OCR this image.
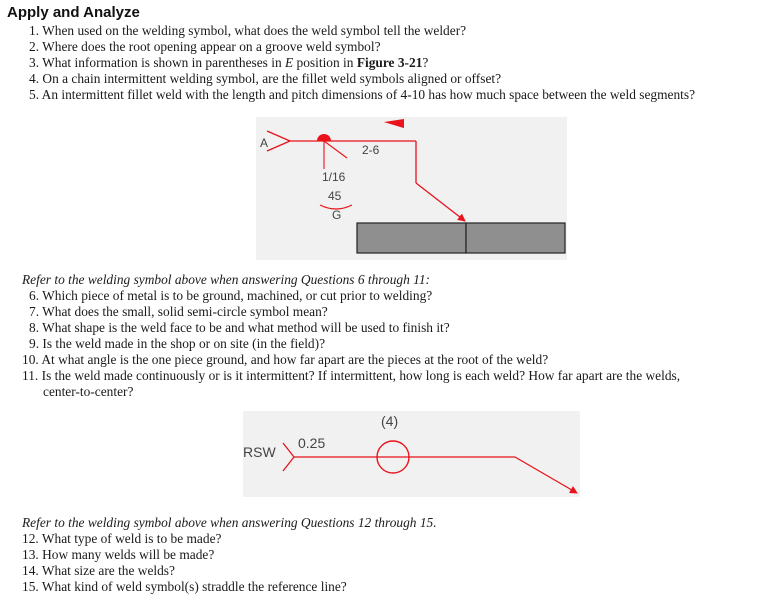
Apply and Analyze
1. When used on the welding symbol, what does the weld symbol tell the welder?
2. Where does the root opening appear on a groove weld symbol?
3. What information is shown in parentheses in E position in Figure 3-21?
4. On a chain intermittent welding symbol, are the fillet weld symbols aligned or offset?
5. An intermittent fillet weld with the length and pitch dimensions of 4-10 has how much space between the weld segments?
A	2-6
1/16
45
G
Refer to the welding symbol above when answering Questions 6 through 11:
6. Which piece of metal is to be ground, machined, or cut prior to welding?
7. What does the small, solid semi-circle symbol mean?
8. What shape is the weld face to be and what method will be used to finish it?
9. Is the weld made in the shop or on site (in the field)?
10. At what angle is the one piece ground, and how far apart are the pieces at the root of the weld?
11. Is the weld made continuously or is it intermittent? If intermittent, how long is each weld? How far apart are the welds,
center-to-center?
RSW
0.25
(4)
Refer to the welding symbol above when answering Questions 12 through 15.
12. What type of weld is to be made?
13. How many welds will be made?
14. What size are the welds?
15. What kind of weld symbol(s) straddle the reference line?
